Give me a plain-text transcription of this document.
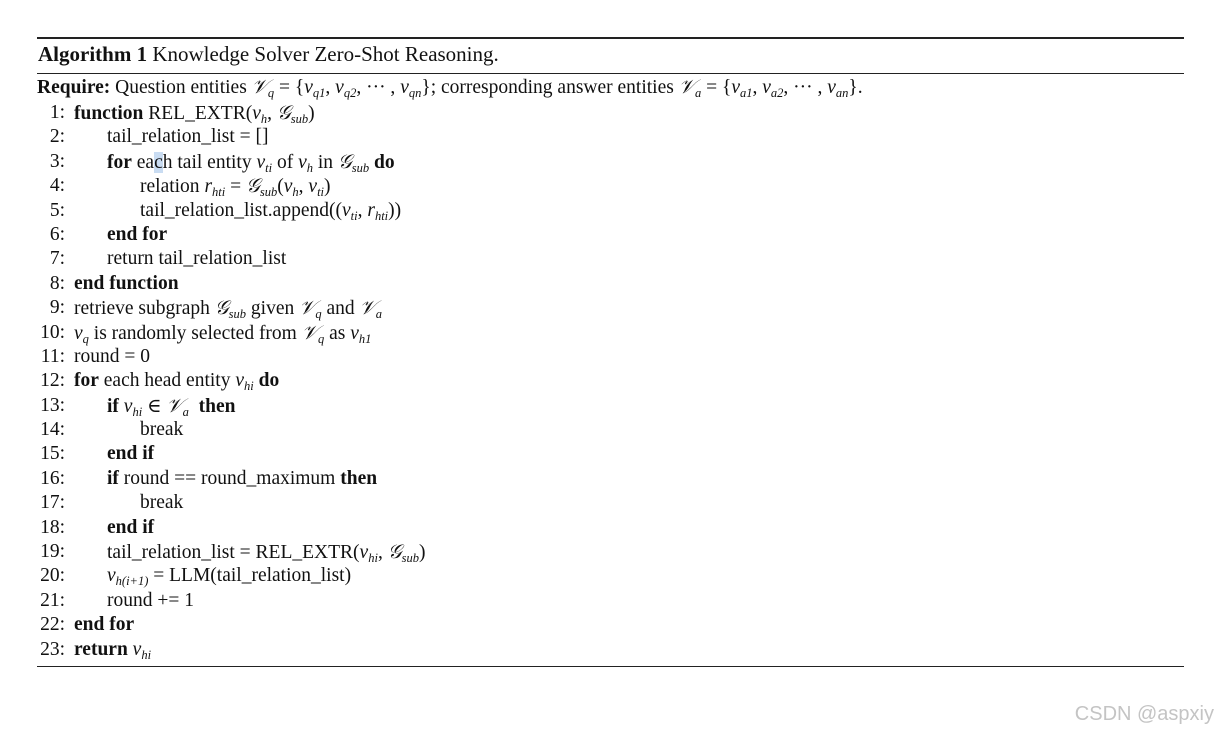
Algorithm 1 Knowledge Solver Zero-Shot Reasoning.
Require: Question entities 𝒱$_q$ = {$v_{q1}$, $v_{q2}$, ··· , $v_{qn}$}; corresponding answer entities 𝒱$_a$ = {$v_{a1}$, $v_{a2}$, ··· , $v_{an}$}.
1: function $REL\_EXTR(v_h$, 𝒢$_{sub}$)
2:	tail_relation_list = []
3:	for each tail entity $v_{ti}$ of $v_h$ in 𝒢$_{sub}$ do
4:	relation $r_{hti}$ = $𝒢_{sub}(v_h$, $v_{ti}$)
5:	$tail\_relation\_list.append((v_{ti}$, $r_{hti}$))
6:	end for
7:	return tail_relation_list
8: end function
9: retrieve subgraph 𝒢$_{sub}$ given 𝒱$_q$ and 𝒱$_a$
10: $v_q$ is randomly selected from 𝒱$_q$ as $v_{h1}$
11: round = 0
12: for each head entity $v_{hi}$ do
13:	if $v_{hi}$ ∈ 𝒱$_a$ then
14:	break
15:	end if
16:	if round == round_maximum then
17:	break
18:	end if
19:	tail_relation_list = $REL\_EXTR(v_{hi}$, 𝒢$_{sub}$)
20:	$v_{h(i+1)}$ = LLM(tail_relation_list)
21:	round += 1
22: end for
23: return $v_{hi}$
CSDN @aspxiy
